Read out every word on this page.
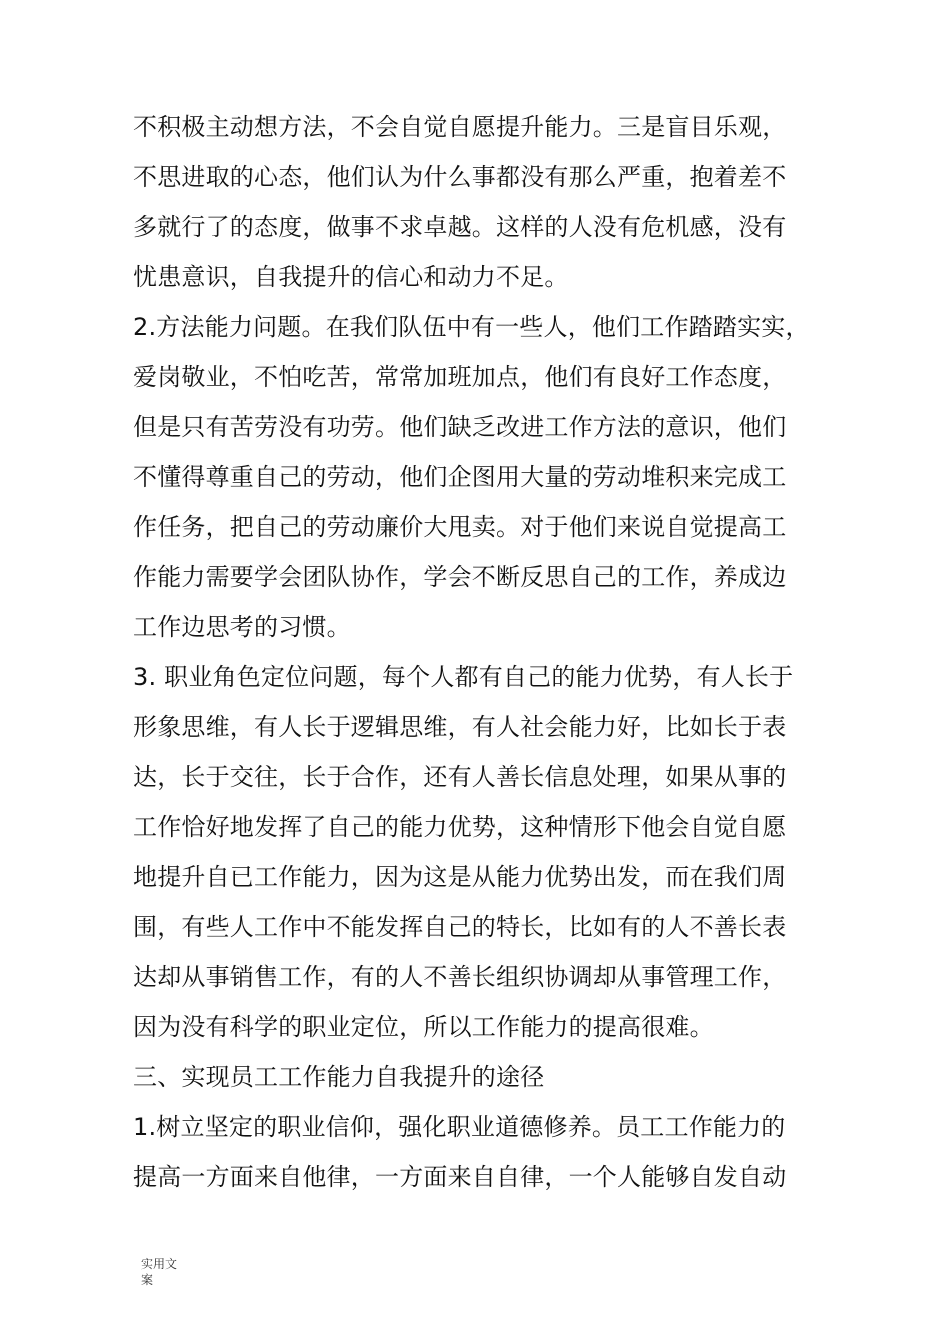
不积极主动想方法，不会自觉自愿提升能力。三是盲目乐观，
不思进取的心态，他们认为什么事都没有那么严重，抱着差不
多就行了的态度，做事不求卓越。这样的人没有危机感，没有
忧患意识，自我提升的信心和动力不足。
2.方法能力问题。在我们队伍中有一些人，他们工作踏踏实实，
爱岗敬业，不怕吃苦，常常加班加点，他们有良好工作态度，
但是只有苦劳没有功劳。他们缺乏改进工作方法的意识，他们
不懂得尊重自己的劳动，他们企图用大量的劳动堆积来完成工
作任务，把自己的劳动廉价大甩卖。对于他们来说自觉提高工
作能力需要学会团队协作，学会不断反思自己的工作，养成边
工作边思考的习惯。
3. 职业角色定位问题，每个人都有自己的能力优势，有人长于
形象思维，有人长于逻辑思维，有人社会能力好，比如长于表
达，长于交往，长于合作，还有人善长信息处理，如果从事的
工作恰好地发挥了自己的能力优势，这种情形下他会自觉自愿
地提升自已工作能力，因为这是从能力优势出发，而在我们周
围，有些人工作中不能发挥自己的特长，比如有的人不善长表
达却从事销售工作，有的人不善长组织协调却从事管理工作，
因为没有科学的职业定位，所以工作能力的提高很难。
三、实现员工工作能力自我提升的途径
1.树立坚定的职业信仰，强化职业道德修养。员工工作能力的
提高一方面来自他律，一方面来自自律，一个人能够自发自动
实用文
案
